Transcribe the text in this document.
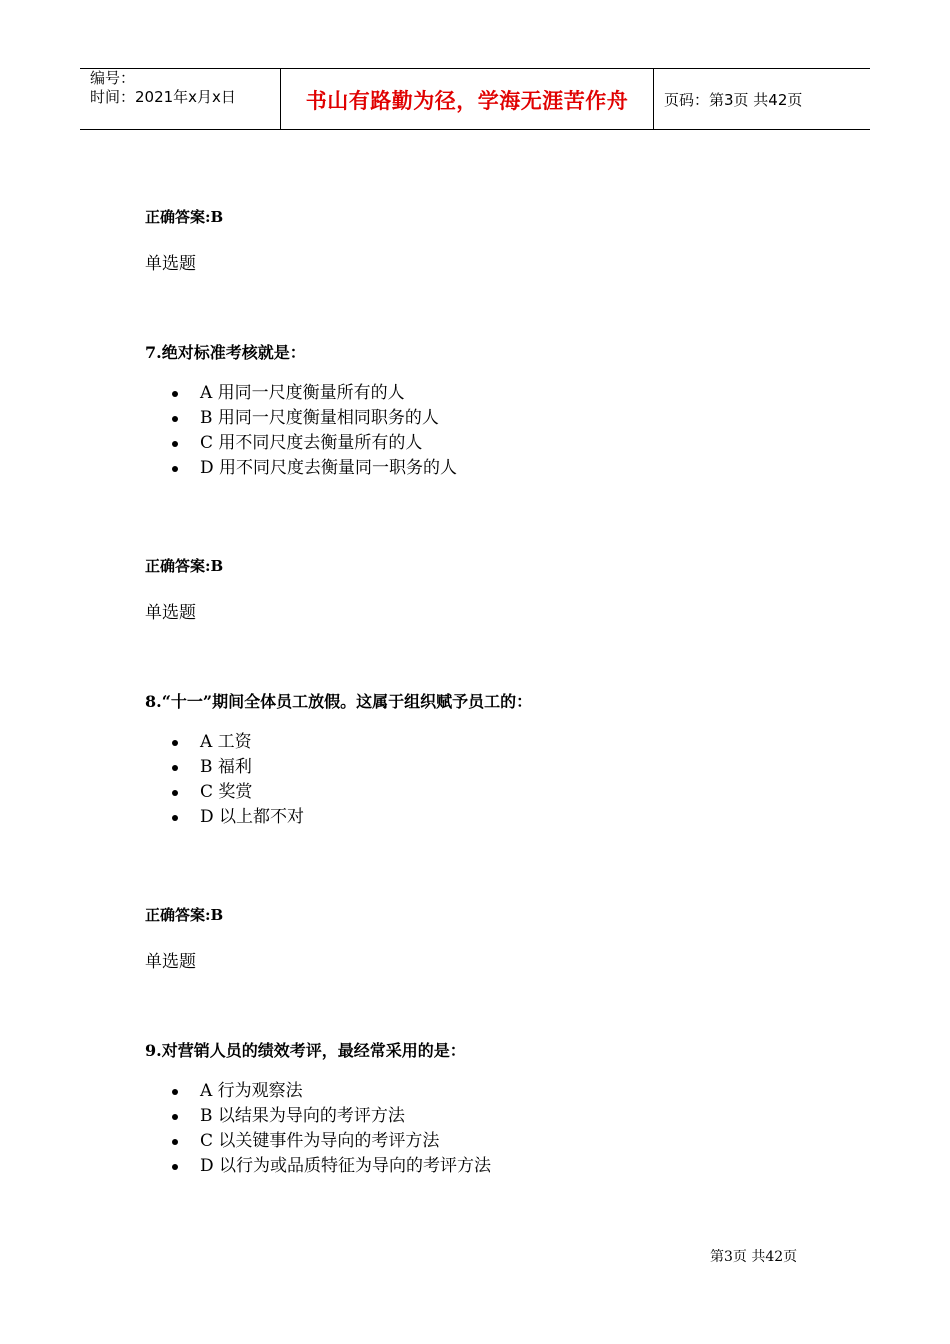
编号：
时间：2021年x月x日	书山有路勤为径，学海无涯苦作舟 页码：第3页 共42页
正确答案:B
单选题
7.绝对标准考核就是：
A 用同一尺度衡量所有的人
B 用同一尺度衡量相同职务的人
C 用不同尺度去衡量所有的人
D 用不同尺度去衡量同一职务的人
正确答案:B
单选题
8.“十一”期间全体员工放假。这属于组织赋予员工的：
A 工资
B 福利
C 奖赏
D 以上都不对
正确答案:B
单选题
9.对营销人员的绩效考评，最经常采用的是：
A 行为观察法
B 以结果为导向的考评方法
C 以关键事件为导向的考评方法
D 以行为或品质特征为导向的考评方法
第3页 共42页
